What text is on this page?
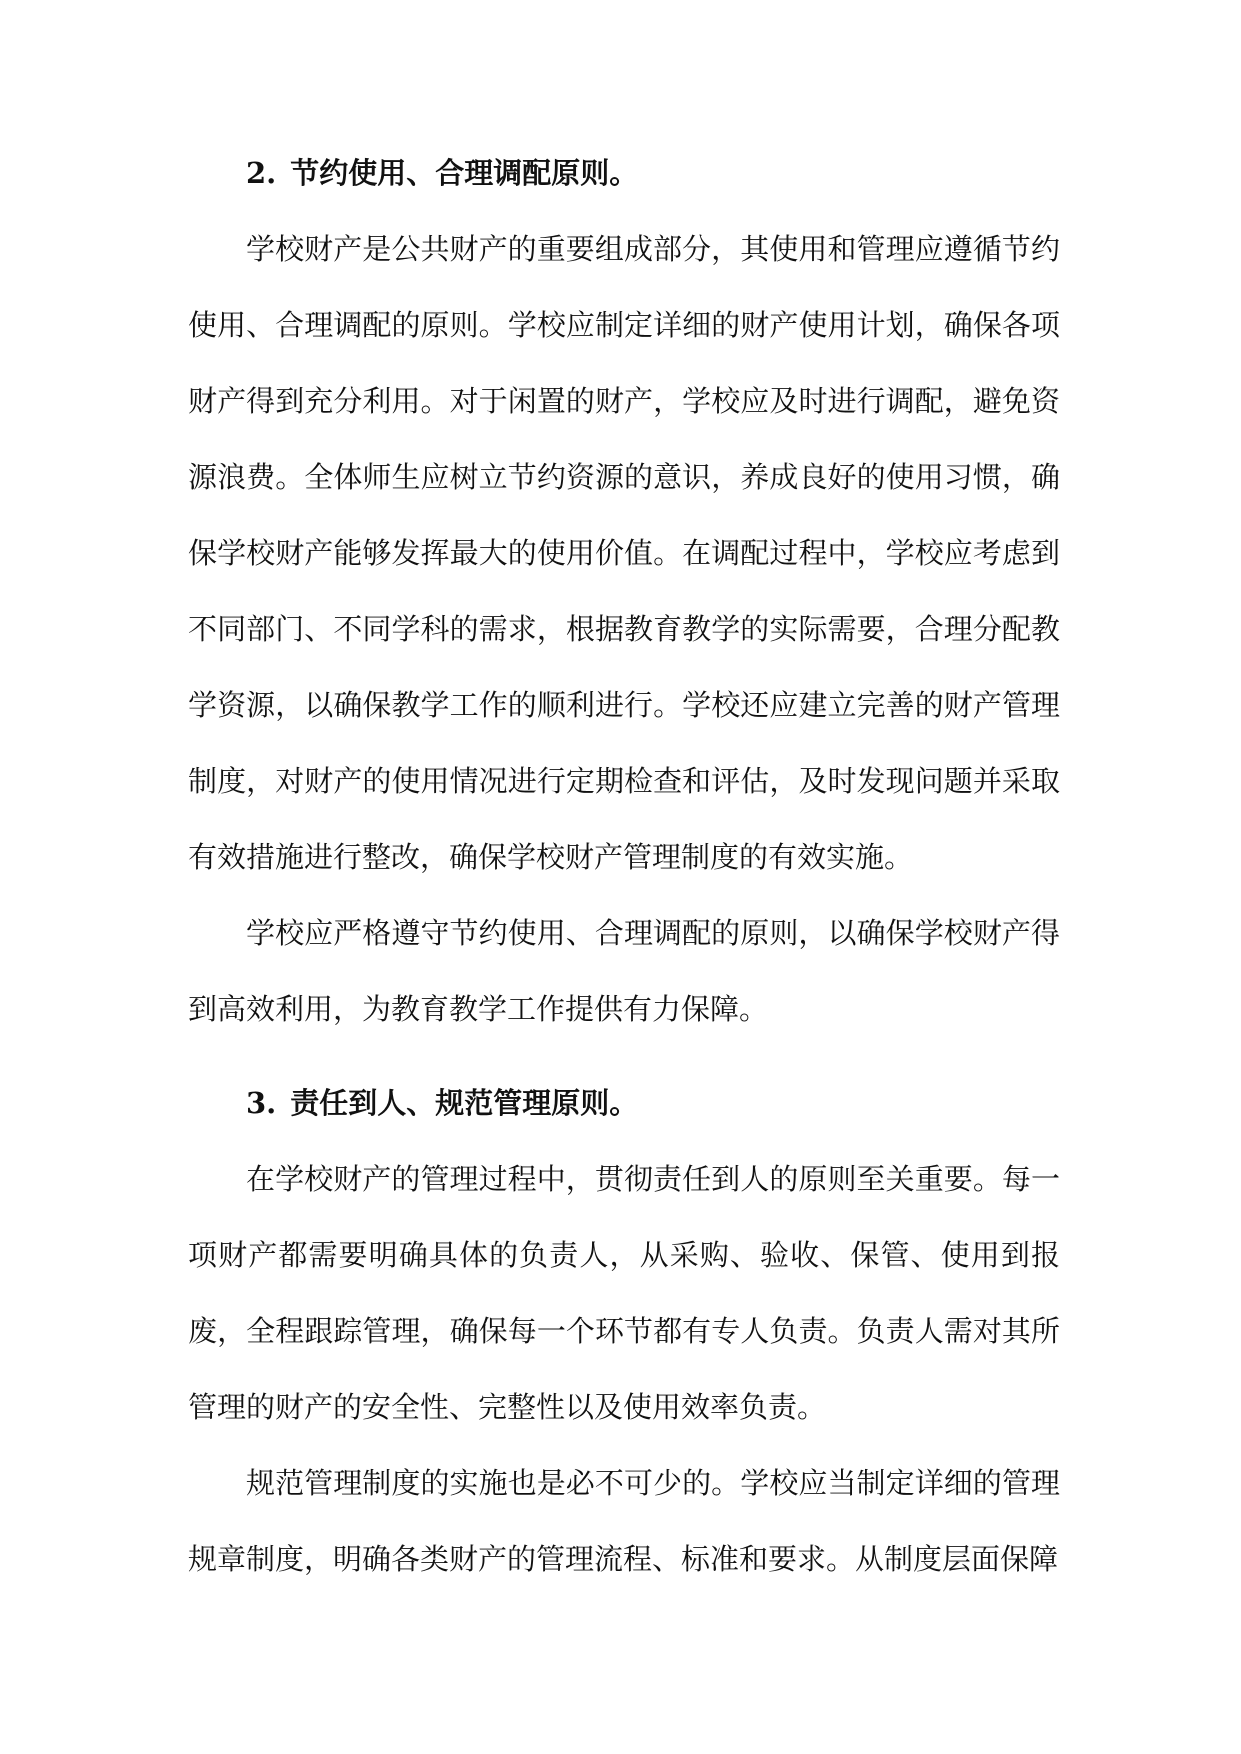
2. 节约使用、合理调配原则。

学校财产是公共财产的重要组成部分，其使用和管理应遵循节约使用、合理调配的原则。学校应制定详细的财产使用计划，确保各项财产得到充分利用。对于闲置的财产，学校应及时进行调配，避免资源浪费。全体师生应树立节约资源的意识，养成良好的使用习惯，确保学校财产能够发挥最大的使用价值。在调配过程中，学校应考虑到不同部门、不同学科的需求，根据教育教学的实际需要，合理分配教学资源，以确保教学工作的顺利进行。学校还应建立完善的财产管理制度，对财产的使用情况进行定期检查和评估，及时发现问题并采取有效措施进行整改，确保学校财产管理制度的有效实施。

学校应严格遵守节约使用、合理调配的原则，以确保学校财产得到高效利用，为教育教学工作提供有力保障。

3. 责任到人、规范管理原则。

在学校财产的管理过程中，贯彻责任到人的原则至关重要。每一项财产都需要明确具体的负责人，从采购、验收、保管、使用到报废，全程跟踪管理，确保每一个环节都有专人负责。负责人需对其所管理的财产的安全性、完整性以及使用效率负责。

规范管理制度的实施也是必不可少的。学校应当制定详细的管理规章制度，明确各类财产的管理流程、标准和要求。从制度层面保障
